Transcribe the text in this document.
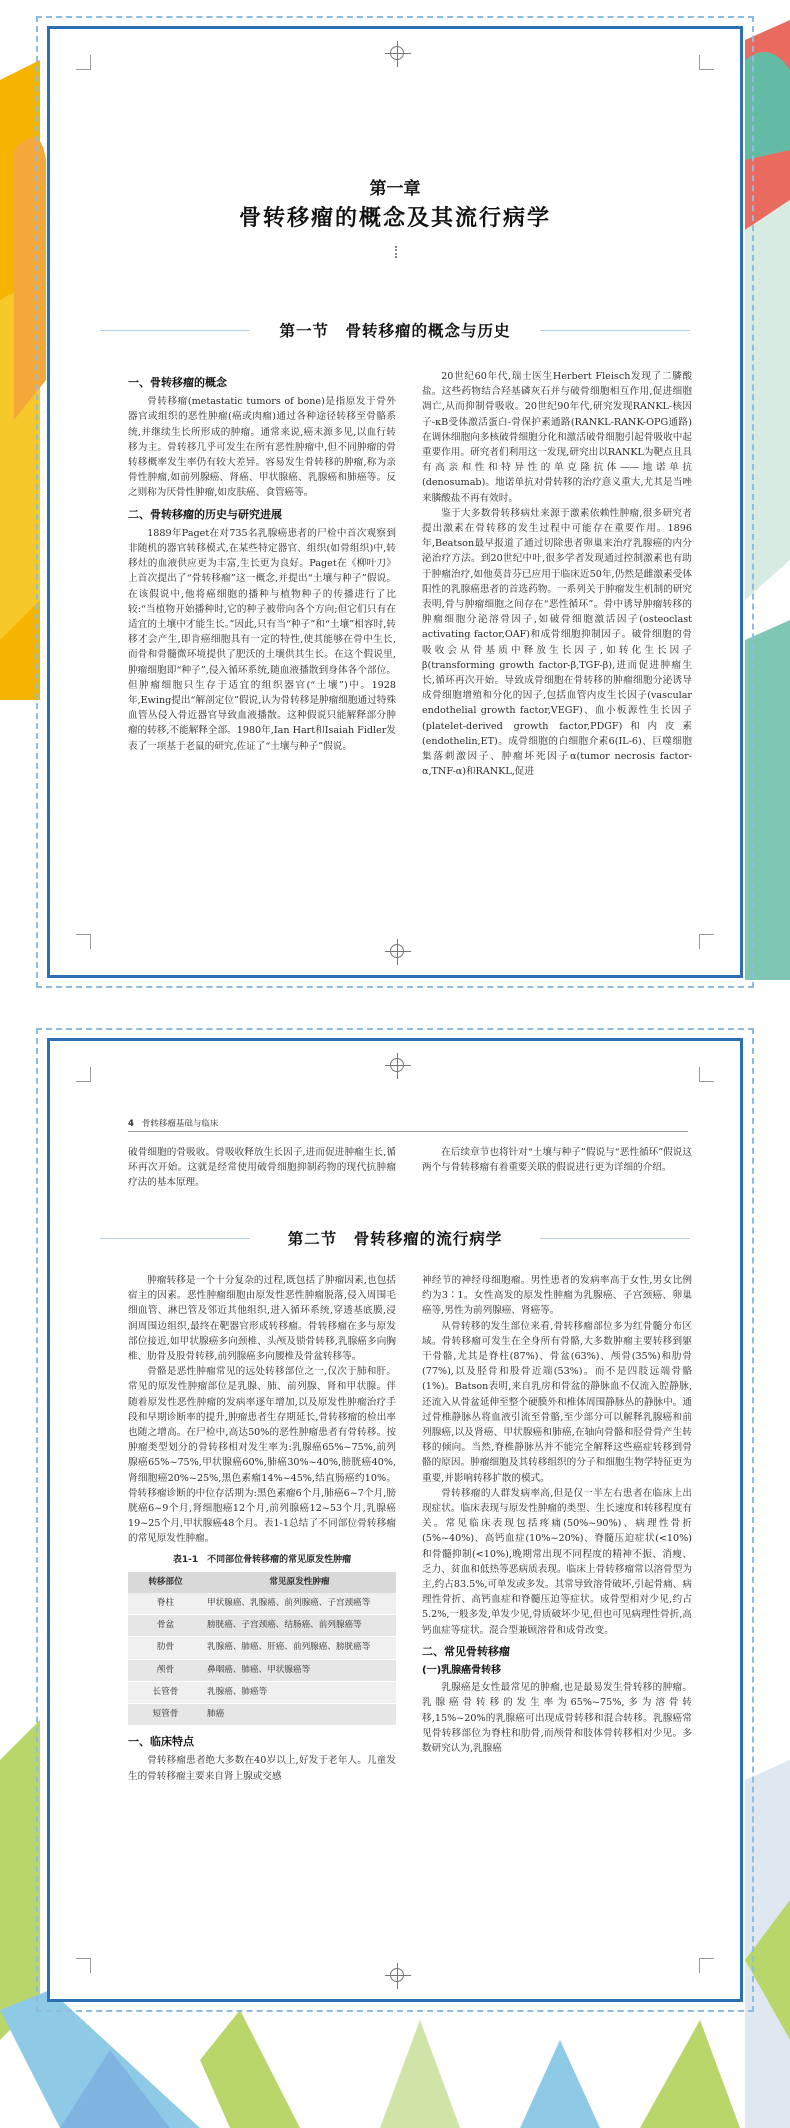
第一章
骨转移瘤的概念及其流行病学
第一节　骨转移瘤的概念与历史
一、骨转移瘤的概念

骨转移瘤(metastatic tumors of bone)是指原发于骨外器官或组织的恶性肿瘤(癌或肉瘤)通过各种途径转移至骨骼系统,并继续生长所形成的肿瘤。通常来说,癌未源多见,以血行转移为主。骨转移几乎可发生在所有恶性肿瘤中,但不同肿瘤的骨转移概率发生率仍有较大差异。容易发生骨转移的肿瘤,称为亲骨性肿瘤,如前列腺癌、肾癌、甲状腺癌、乳腺癌和肺癌等。反之则称为厌骨性肿瘤,如皮肤癌、食管癌等。

二、骨转移瘤的历史与研究进展

1889年Paget在对735名乳腺癌患者的尸检中首次观察到非随机的器官转移模式,在某些特定器官、组织(如骨组织)中,转移灶的血液供应更为丰富,生长更为良好。Paget在《柳叶刀》上首次提出了“骨转移瘤”这一概念,并提出“土壤与种子”假说。在该假说中,他将癌细胞的播种与植物种子的传播进行了比较:“当植物开始播种时,它的种子被带向各个方向;但它们只有在适宜的土壤中才能生长。”因此,只有当“种子”和“土壤”相容时,转移才会产生,即肯癌细胞具有一定的特性,使其能够在骨中生长,而骨和骨髓微环境提供了肥沃的土壤供其生长。在这个假说里,肿瘤细胞即“种子”,侵入循环系统,随血液播散到身体各个部位。但肿瘤细胞只生存于适宜的组织器官(“土壤”)中。1928年,Ewing提出“解剖定位”假说,认为骨转移是肿瘤细胞通过特殊血管丛侵入骨近器官导致血液播散。这种假说只能解释部分肿瘤的转移,不能解释全部。1980年,Ian Hart和Isaiah Fidler发表了一项基于老鼠的研究,佐证了“土壤与种子”假说。

20世纪60年代,瑞士医生Herbert Fleisch发现了二膦酸盐。这些药物结合羟基磷灰石并与破骨细胞相互作用,促进细胞凋亡,从而抑制骨吸收。20世纪90年代,研究发现RANKL-核因子-κB受体激活蛋白-骨保护素通路(RANKL-RANK-OPG通路)在调休细胞向多核破骨细胞分化和激活破骨细胞引起骨吸收中起重要作用。研究者们利用这一发现,研究出以RANKL为靶点且具有高亲和性和特异性的单克隆抗体——地诺单抗(denosumab)。地诺单抗对骨转移的治疗意义重大,尤其是当唑来膦酸盐不再有效时。

鉴于大多数骨转移病灶来源于激素依赖性肿瘤,很多研究者提出激素在骨转移的发生过程中可能存在重要作用。1896年,Beatson最早报道了通过切除患者卵巢来治疗乳腺癌的内分泌治疗方法。到20世纪中叶,很多学者发现通过控制激素也有助于肿瘤治疗,如他莫昔芬已应用于临床近50年,仍然是雌激素受体阳性的乳腺癌患者的首选药物。一系列关于肿瘤发生机制的研究表明,骨与肿瘤细胞之间存在“恶性循环”。骨中诱导肿瘤转移的肿瘤细胞分泌溶骨因子,如破骨细胞激活因子(osteoclast activating factor,OAF)和成骨细胞抑制因子。破骨细胞的骨吸收会从骨基质中释放生长因子,如转化生长因子β(transforming growth factor-β,TGF-β),进而促进肿瘤生长,循环再次开始。导致成骨细胞在骨转移的肿瘤细胞分泌诱导成骨细胞增殖和分化的因子,包括血管内皮生长因子(vascular endothelial growth factor,VEGF)、血小板源性生长因子(platelet-derived growth factor,PDGF)和内皮素(endothelin,ET)。成骨细胞的白细胞介素6(IL-6)、巨噬细胞集落刺激因子、肿瘤坏死因子α(tumor necrosis factor-α,TNF-α)和RANKL,促进

4 骨转移瘤基础与临床

破骨细胞的骨吸收。骨吸收释放生长因子,进而促进肿瘤生长,循环再次开始。这就是经常使用破骨细胞抑制药物的现代抗肿瘤疗法的基本原理。

在后续章节也将针对“土壤与种子”假说与“恶性循环”假说这两个与骨转移瘤有着重要关联的假说进行更为详细的介绍。

第二节　骨转移瘤的流行病学

肿瘤转移是一个十分复杂的过程,既包括了肿瘤因素,也包括宿主的因素。恶性肿瘤细胞由原发性恶性肿瘤脱落,侵入周围毛细血管、淋巴管及邻近其他组织,进入循环系统,穿透基底膜,浸润周围边组织,最终在靶器官形成转移瘤。骨转移瘤在多与原发部位接近,如甲状腺癌多向颈椎、头颅及锁骨转移,乳腺癌多向胸椎、肋骨及股骨转移,前列腺癌多向腰椎及骨盆转移等。

骨骼是恶性肿瘤常见的远处转移部位之一,仅次于肺和肝。常见的原发性肿瘤部位是乳腺、肺、前列腺、肾和甲状腺。伴随着原发性恶性肿瘤的发病率逐年增加,以及原发性肿瘤治疗手段和早期诊断率的提升,肿瘤患者生存期延长,骨转移瘤的检出率也随之增高。在尸检中,高达50%的恶性肿瘤患者有骨转移。按肿瘤类型划分的骨转移相对发生率为:乳腺癌65%~75%,前列腺癌65%~75%,甲状腺癌60%,肺癌30%~40%,膀胱癌40%,肾细胞癌20%~25%,黑色素瘤14%~45%,结直肠癌约10%。骨转移瘤诊断的中位存活期为:黑色素瘤6个月,肺癌6~7个月,膀胱癌6~9个月,肾细胞癌12个月,前列腺癌12~53个月,乳腺癌19~25个月,甲状腺癌48个月。表1-1总结了不同部位骨转移瘤的常见原发性肿瘤。

表1-1　不同部位骨转移瘤的常见原发性肿瘤
转移部位	常见原发性肿瘤
脊柱	甲状腺癌、乳腺癌、前列腺癌、子宫颈癌等
骨盆	膀胱癌、子宫颈癌、结肠癌、前列腺癌等
肋骨	乳腺癌、肺癌、肝癌、前列腺癌、膀胱癌等
颅骨	鼻咽癌、肺癌、甲状腺癌等
长管骨	乳腺癌、肺癌等
短管骨	肺癌
一、临床特点

骨转移瘤患者绝大多数在40岁以上,好发于老年人。儿童发生的骨转移瘤主要来自肾上腺或交感

神经节的神经母细胞瘤。男性患者的发病率高于女性,男女比例约为3∶1。女性高发的原发性肿瘤为乳腺癌、子宫颈癌、卵巢癌等,男性为前列腺癌、肾癌等。

从骨转移的发生部位来看,骨转移瘤部位多为红骨髓分布区域。骨转移瘤可发生在全身所有骨骼,大多数肿瘤主要转移到躯干骨骼,尤其是脊柱(87%)、骨盆(63%)、颅骨(35%)和肋骨(77%),以及胫骨和股骨近端(53%)。而不是四肢远端骨骼(1%)。Batson表明,来自乳房和骨盆的静脉血不仅流入腔静脉,还流入从骨盆延伸至整个硬膜外和椎体周围静脉丛的静脉中。通过骨椎静脉丛将血液引流至骨骼,至少部分可以解释乳腺癌和前列腺癌,以及肾癌、甲状腺癌和肺癌,在轴向骨骼和胫骨骨产生转移的倾向。当然,脊椎静脉丛并不能完全解释这些癌症转移到骨骼的原因。肿瘤细胞及其转移组织的分子和细胞生物学特征更为重要,并影响转移扩散的模式。

骨转移瘤的人群发病率高,但是仅一半左右患者在临床上出现症状。临床表现与原发性肿瘤的类型、生长速度和转移程度有关。常见临床表现包括疼痛(50%~90%)、病理性骨折(5%~40%)、高钙血症(10%~20%)、脊髓压迫症状(<10%)和骨髓抑制(<10%),晚期常出现不同程度的精神不振、消瘦、乏力、贫血和低热等恶病质表现。临床上骨转移瘤常以溶骨型为主,约占83.5%,可单发或多发。其常导致溶骨破坏,引起骨痛、病理性骨折、高钙血症和脊髓压迫等症状。成骨型相对少见,约占5.2%,一般多发,单发少见,骨质破坏少见,但也可见病理性骨折,高钙血症等症状。混合型兼顾溶骨和成骨改变。

二、常见骨转移瘤
(一)乳腺癌骨转移

乳腺癌是女性最常见的肿瘤,也是最易发生骨转移的肿瘤。乳腺癌骨转移的发生率为65%~75%,多为溶骨转移,15%~20%的乳腺癌可出现成骨转移和混合转移。乳腺癌常见骨转移部位为脊柱和肋骨,而颅骨和肢体骨转移相对少见。多数研究认为,乳腺癌
